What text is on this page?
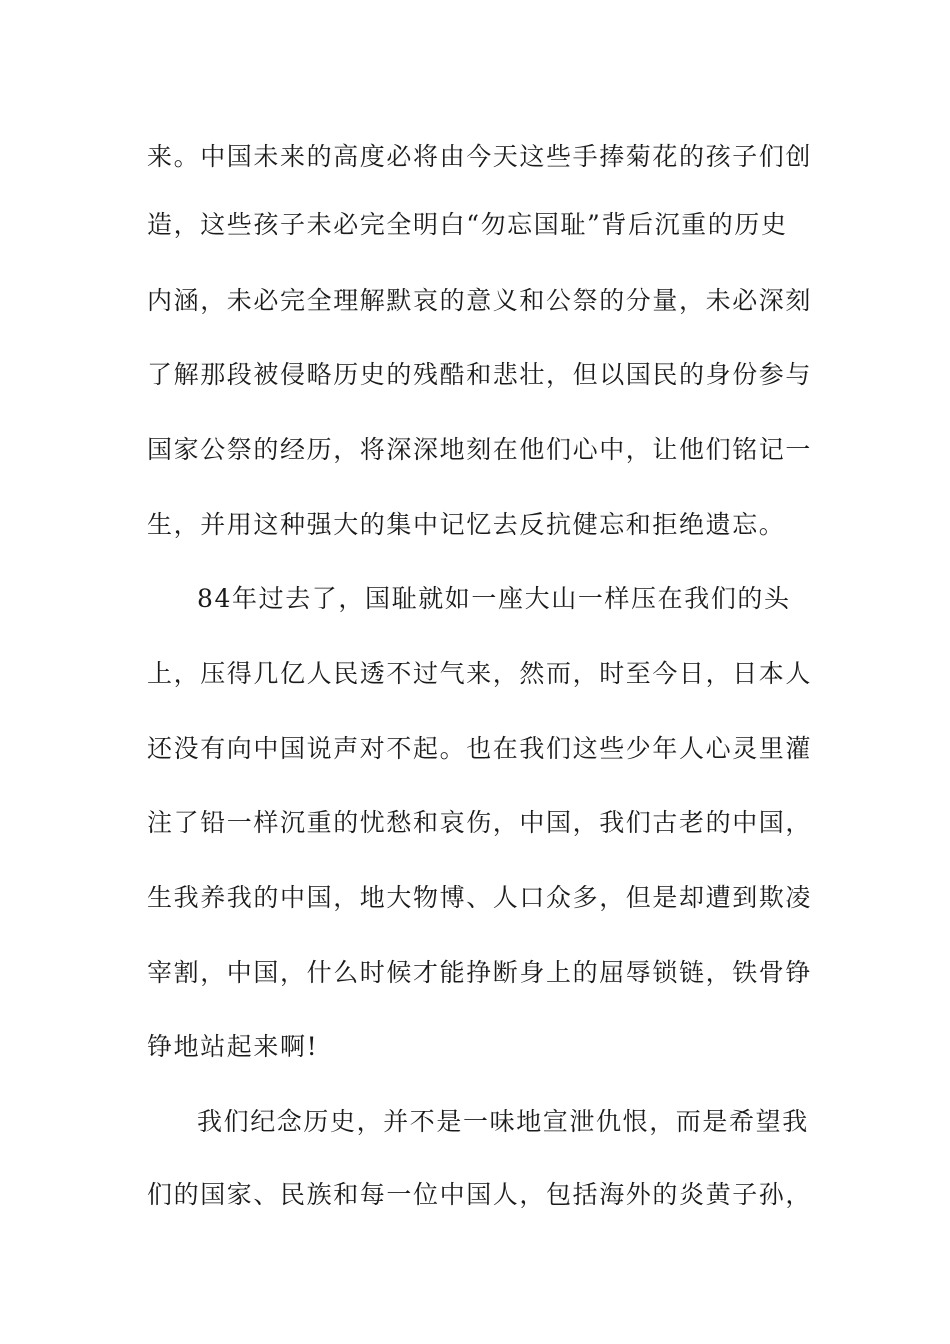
来。中国未来的高度必将由今天这些手捧菊花的孩子们创
造，这些孩子未必完全明白“勿忘国耻”背后沉重的历史
内涵，未必完全理解默哀的意义和公祭的分量，未必深刻
了解那段被侵略历史的残酷和悲壮，但以国民的身份参与
国家公祭的经历，将深深地刻在他们心中，让他们铭记一
生，并用这种强大的集中记忆去反抗健忘和拒绝遗忘。
84年过去了，国耻就如一座大山一样压在我们的头
上，压得几亿人民透不过气来，然而，时至今日，日本人
还没有向中国说声对不起。也在我们这些少年人心灵里灌
注了铅一样沉重的忧愁和哀伤，中国，我们古老的中国，
生我养我的中国，地大物博、人口众多，但是却遭到欺凌
宰割，中国，什么时候才能挣断身上的屈辱锁链，铁骨铮
铮地站起来啊!
我们纪念历史，并不是一味地宣泄仇恨，而是希望我
们的国家、民族和每一位中国人，包括海外的炎黄子孙，
